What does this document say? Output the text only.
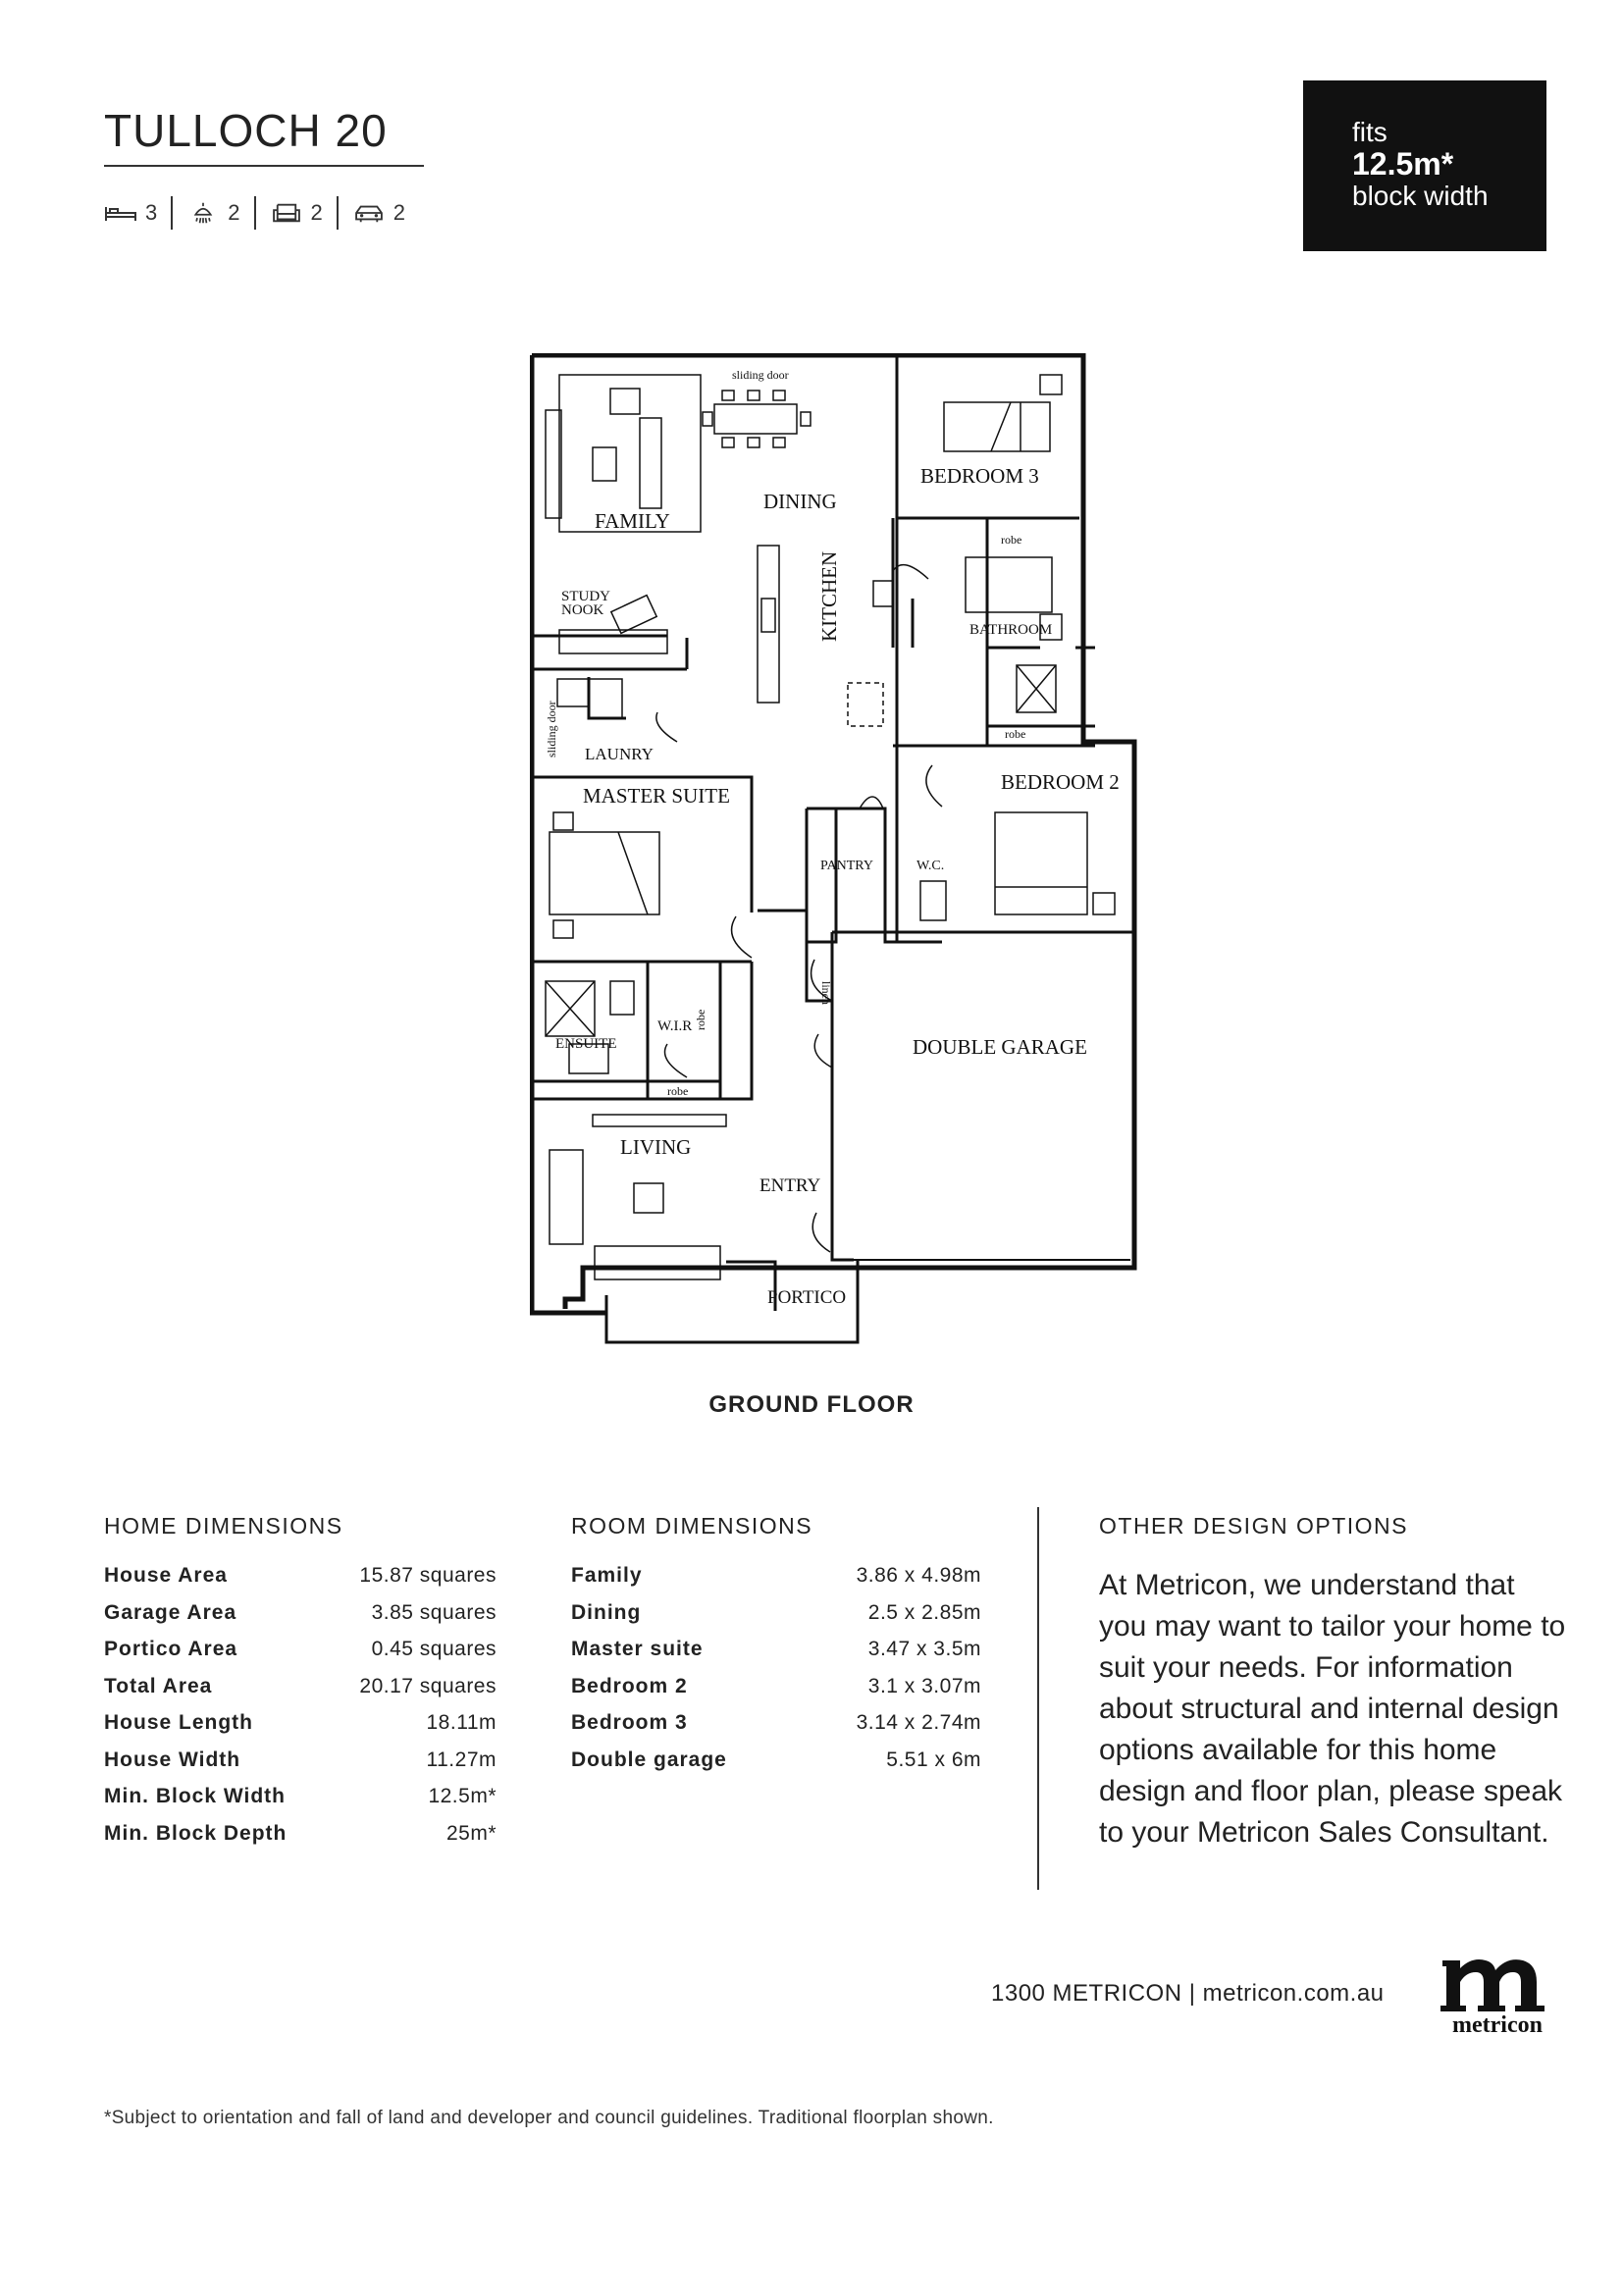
TULLOCH 20
3	2	2	2
fits
12.5m*
block width
sliding door
FAMILY
DINING
BEDROOM 3
robe
STUDY
NOOK	KITCHEN	BATHROOM
robe
sliding door LAUNRY
BEDROOM 2
MASTER SUITE
PANTRY	W.C.
linen
W.I.R robe
ENSUITE
robe
DOUBLE GARAGE
LIVING
ENTRY
PORTICO
GROUND FLOOR
HOME DIMENSIONS
House Area	15.87 squares
Garage Area	3.85 squares
Portico Area	0.45 squares
Total Area	20.17 squares
House Length	18.11m
House Width	11.27m
Min. Block Width	12.5m*
Min. Block Depth	25m*
ROOM DIMENSIONS
Family	3.86 x 4.98m
Dining	2.5 x 2.85m
Master suite	3.47 x 3.5m
Bedroom 2	3.1 x 3.07m
Bedroom 3	3.14 x 2.74m
Double garage	5.51 x 6m
OTHER DESIGN OPTIONS
At Metricon, we understand that you may want to tailor your home to suit your needs. For information about structural and internal design options available for this home design and floor plan, please speak to your Metricon Sales Consultant.
1300 METRICON | metricon.com.au
metricon
*Subject to orientation and fall of land and developer and council guidelines. Traditional floorplan shown.
